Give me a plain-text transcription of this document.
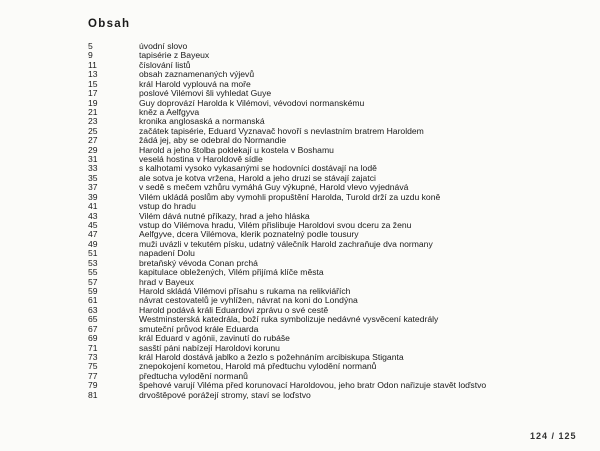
Obsah
5	úvodní slovo
9	tapisérie z Bayeux
11	číslování listů
13	obsah zaznamenaných výjevů
15	král Harold vyplouvá na moře
17	poslové Vilémovi šli vyhledat Guye
19	Guy doprovází Harolda k Vilémovi, vévodovi normanskému
21	kněz a Aelfgyva
23	kronika anglosaská a normanská
25	začátek tapisérie, Eduard Vyznavač hovoří s nevlastním bratrem Haroldem
27	žádá jej, aby se odebral do Normandie
29	Harold a jeho štolba poklekají u kostela v Boshamu
31	veselá hostina v Haroldově sídle
33	s kalhotami vysoko vykasanými se hodovníci dostávají na lodě
35	ale sotva je kotva vržena, Harold a jeho druzi se stávají zajatci
37	v sedě s mečem vzhůru vymáhá Guy výkupné, Harold vlevo vyjednává
39	Vilém ukládá poslům aby vymohli propuštění Harolda, Turold drží za uzdu koně
41	vstup do hradu
43	Vilém dává nutné příkazy, hrad a jeho hláska
45	vstup do Vilémova hradu, Vilém přislibuje Haroldovi svou dceru za ženu
47	Aelfgyve, dcera Vilémova, klerik poznatelný podle tousury
49	muži uvázli v tekutém písku, udatný válečník Harold zachraňuje dva normany
51	napadení Dolu
53	bretaňský vévoda Conan prchá
55	kapitulace obležených, Vilém přijímá klíče města
57	hrad v Bayeux
59	Harold skládá Vilémovi přísahu s rukama na relikviářích
61	návrat cestovatelů je vyhlížen, návrat na koni do Londýna
63	Harold podává králi Eduardovi zprávu o své cestě
65	Westminsterská katedrála, boží ruka symbolizuje nedávné vysvěcení katedrály
67	smuteční průvod krále Eduarda
69	král Eduard v agónii, zavinutí do rubáše
71	sasští páni nabízejí Haroldovi korunu
73	král Harold dostává jablko a žezlo s požehnáním arcibiskupa Stiganta
75	znepokojení kometou, Harold má předtuchu vylodění normanů
77	předtucha vylodění normanů
79	špehové varují Viléma před korunovací Haroldovou, jeho bratr Odon nařizuje stavět loďstvo
81	drvoštěpové porážejí stromy, staví se loďstvo
124 / 125
